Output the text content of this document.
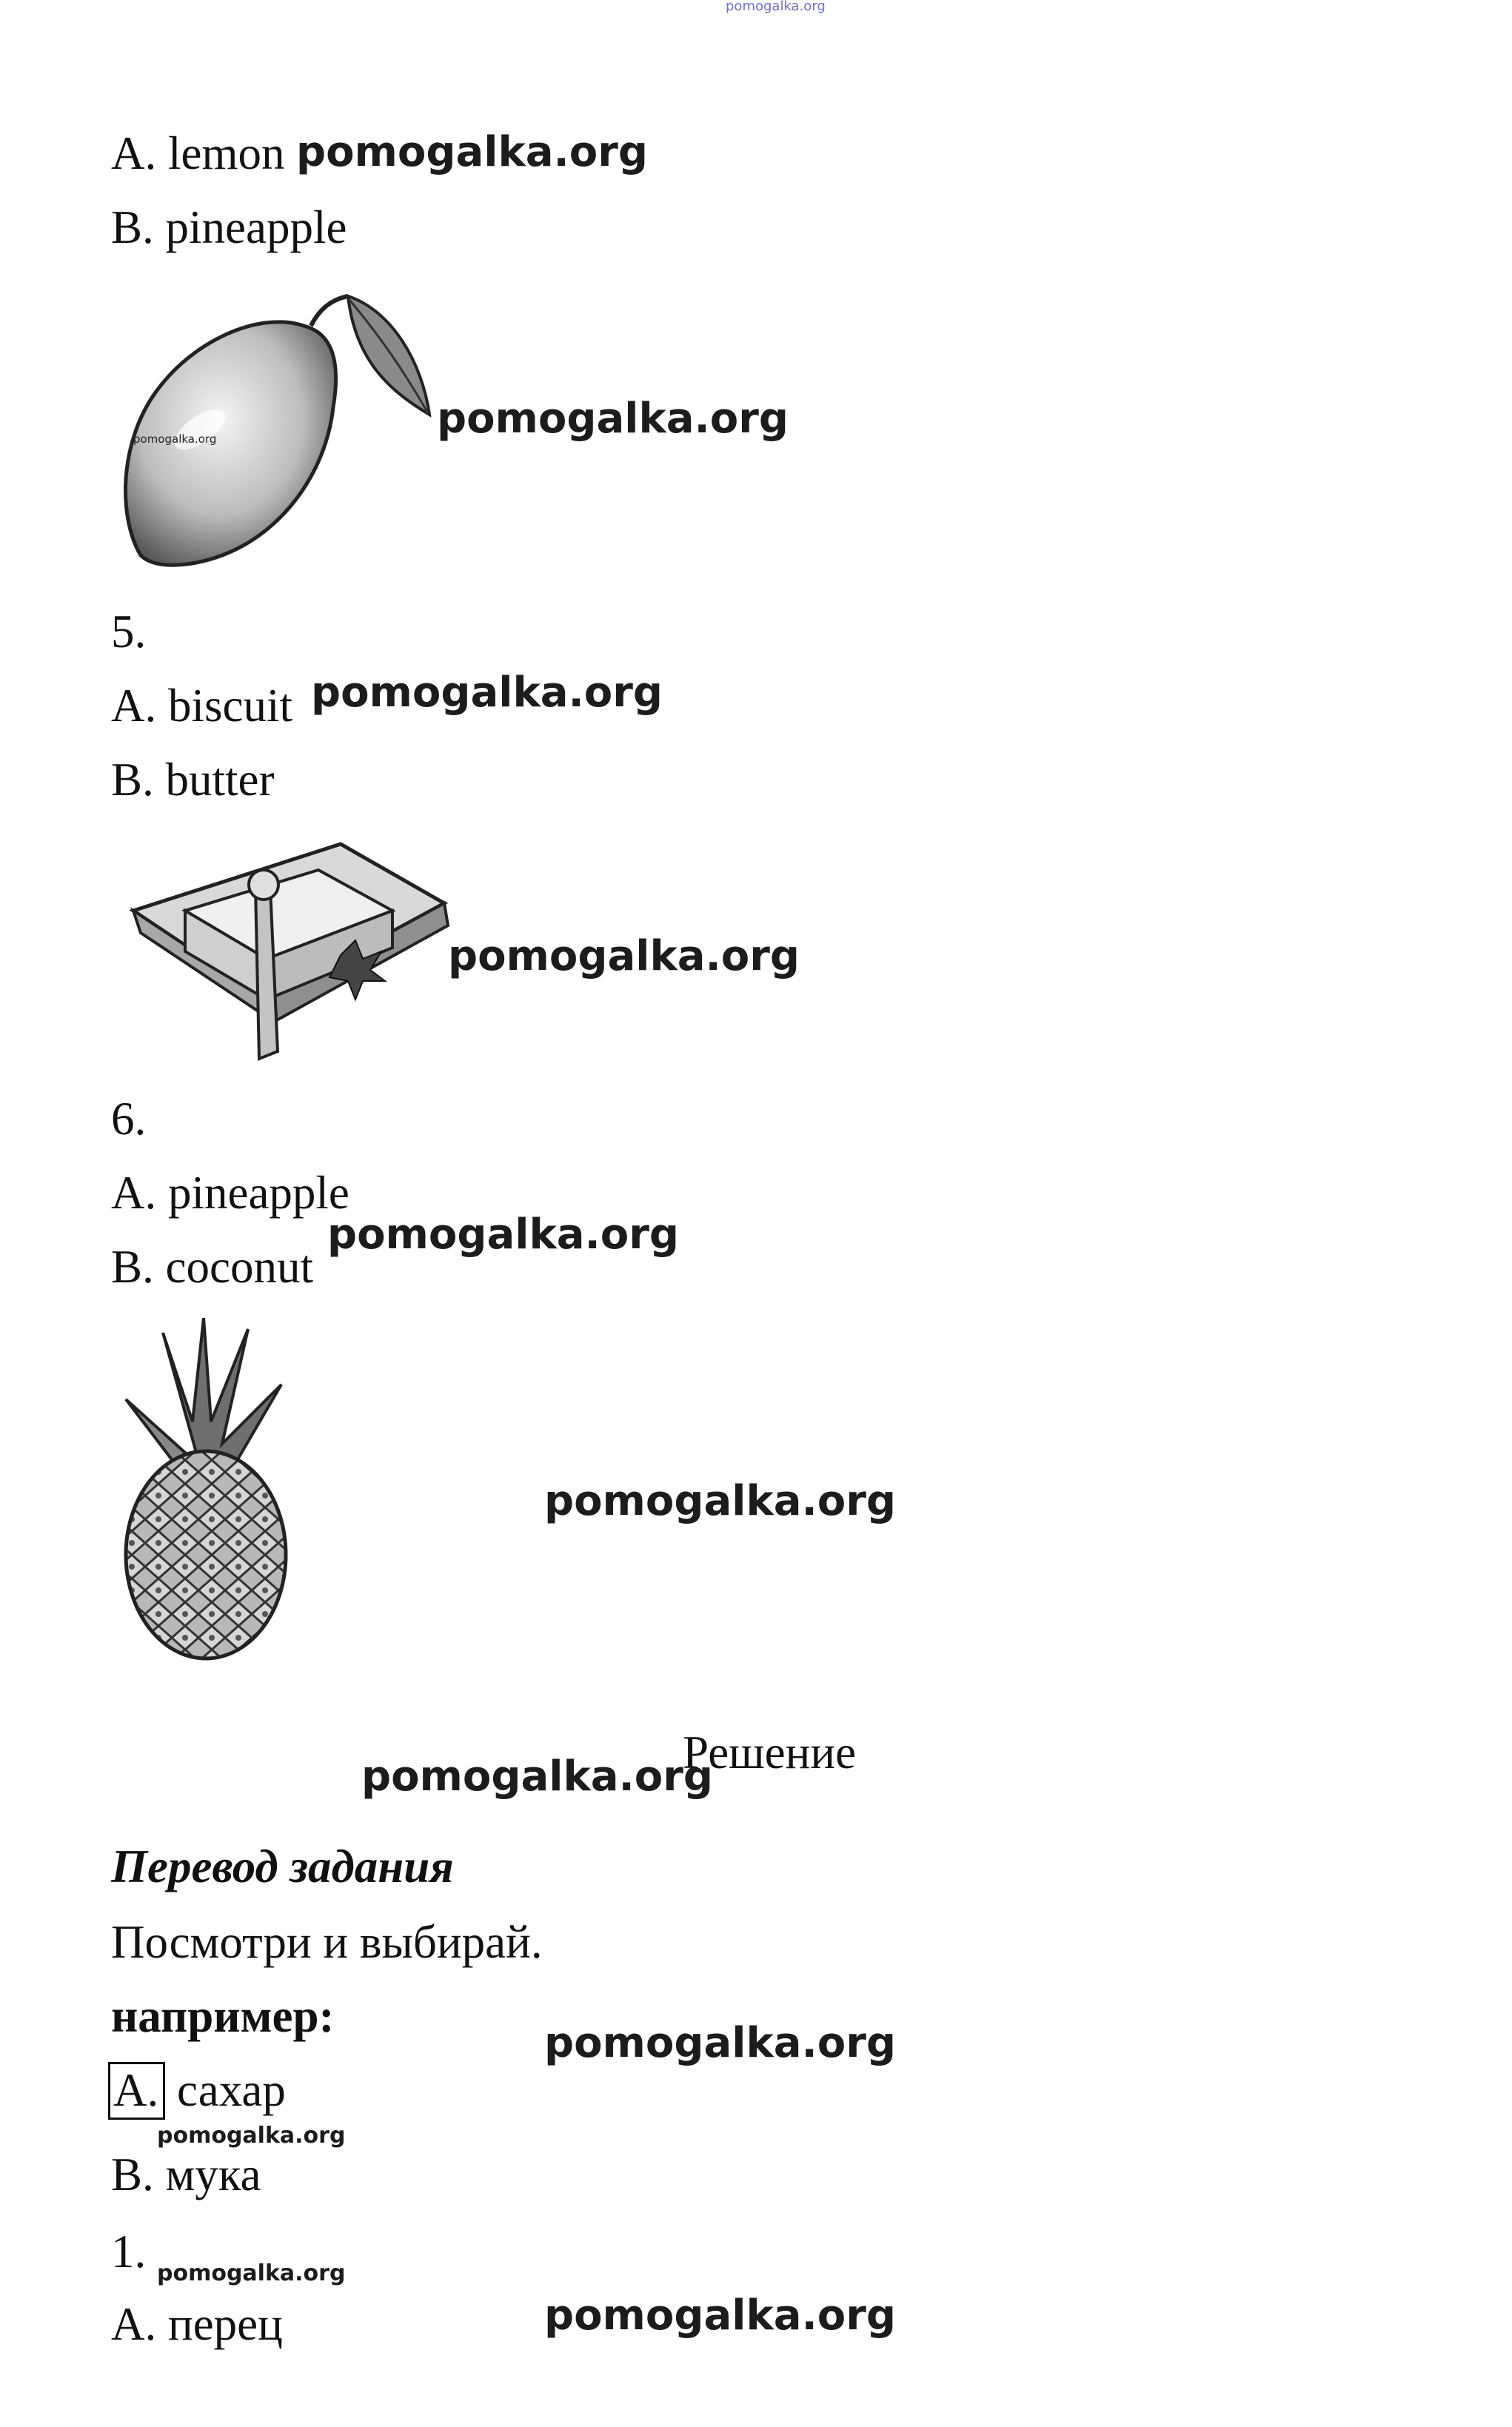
pomogalka.org
A. lemon pomogalka.org
B. pineapple
pomogalka.org	pomogalka.org
5.
A. biscuit pomogalka.org
B. butter
pomogalka.org
6.
A. pineapple
pomogalka.org
B. coconut
pomogalka.org
Решение
pomogalka.org
Перевод задания
Посмотри и выбирай.
например:
pomogalka.org
A. сахар
pomogalka.org
B. мука
1. pomogalka.org
A. перец	pomogalka.org
